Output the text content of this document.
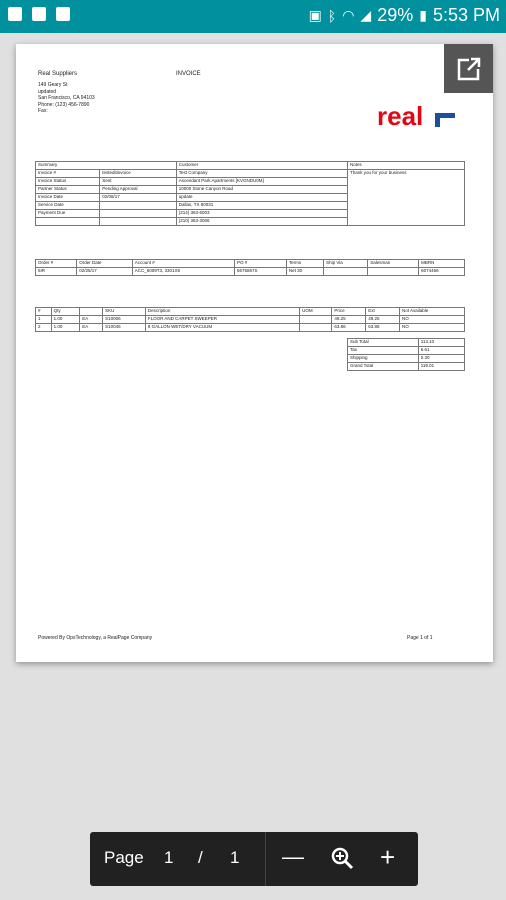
▣ ᛒ ◠ ◢ 29% ▮ 5:53 PM
Real Suppliers	INVOICE
149 Geary St
updated
San Francisco, CA 94103
Phone: (123) 456-7890
Fax:
Summary		Customer	Notes
Invoice #	testeditinvoice	Test Company	Thank you for your business
Invoice Status	Sent	Ascendant Park Apartments [KVGNDU0M]	
Partner Status	Pending Approval	10000 Stone Canyon Road	
Invoice Date	02/08/17	update	
Service Date		Dallas, TX 80031	
Payment Due		(214) 363-6003	
		(210) 363-3006	
Order #	Order Date	Account #	PO #	Terms	Ship Via	Salesman	MBRN
5IR	02/25/17	ACC_6009T3, 3301X8	5675867S	Net 30			6074466
#	Qty		SKU	Description	UOM	Price	Ext	Not Available
1	1.00	EA	S10006	FLOOR AND CARPET SWEEPER		49.25	49.25	NO
2	1.00	EA	S10045	8 GALLON WET/DRY VACUUM		63.86	63.86	NO
Sub Total	113.10
Tax	6.61
Shipping	0.30
Grand Total	119.01
Powered By OpsTechnology, a RealPage Company	Page 1 of 1
real
Page 1 / 1 —	+
